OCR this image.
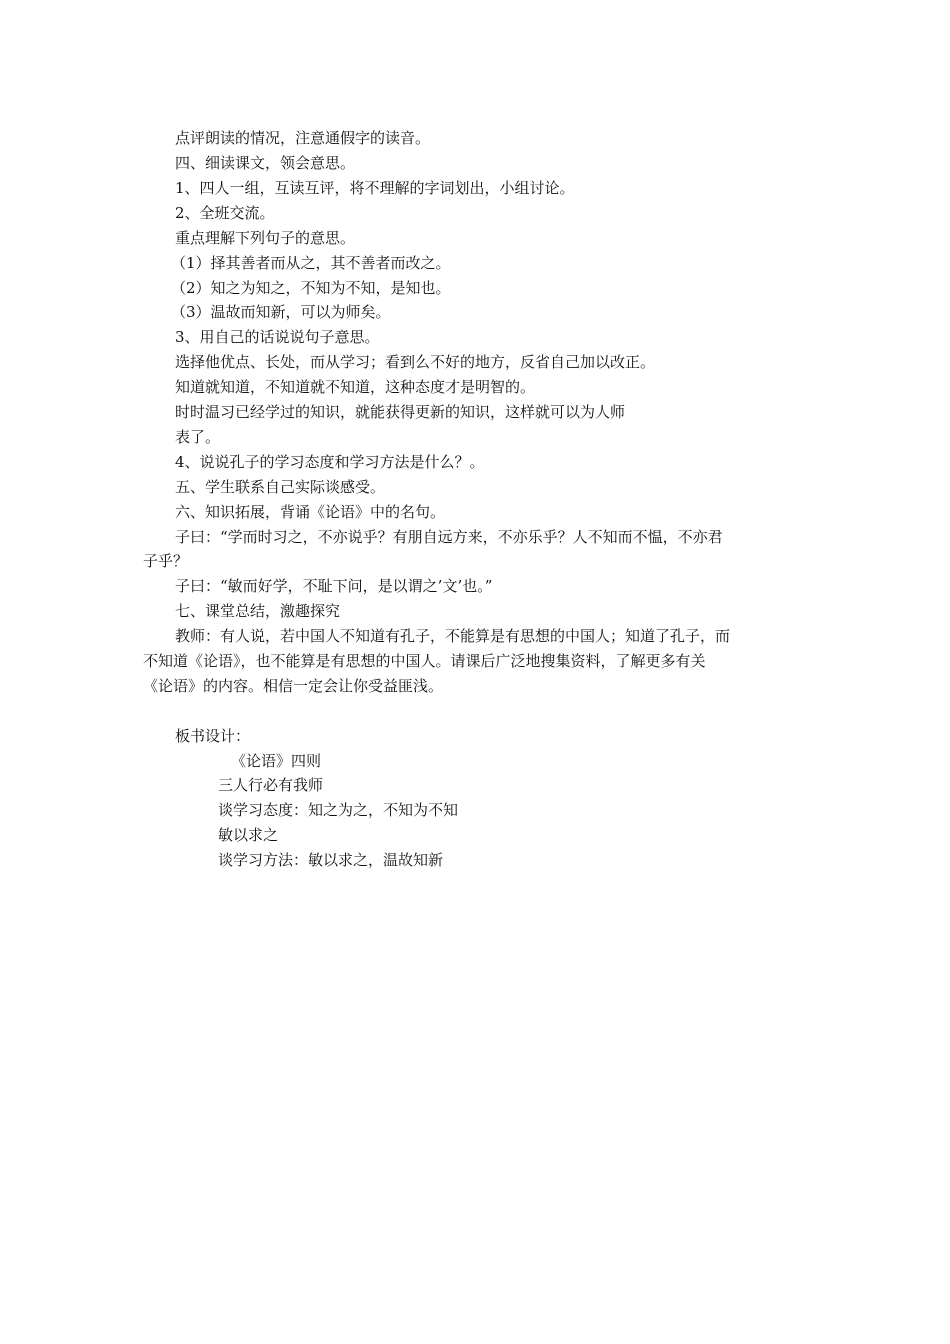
点评朗读的情况，注意通假字的读音。
四、细读课文，领会意思。
1、四人一组，互读互评，将不理解的字词划出，小组讨论。
2、全班交流。
重点理解下列句子的意思。
（1）择其善者而从之，其不善者而改之。
（2）知之为知之，不知为不知，是知也。
（3）温故而知新，可以为师矣。
3、用自己的话说说句子意思。
选择他优点、长处，而从学习；看到么不好的地方，反省自己加以改正。
知道就知道，不知道就不知道，这种态度才是明智的。
时时温习已经学过的知识，就能获得更新的知识，这样就可以为人师
表了。
4、说说孔子的学习态度和学习方法是什么？。
五、学生联系自己实际谈感受。
六、知识拓展，背诵《论语》中的名句。
子曰：“学而时习之，不亦说乎？有朋自远方来，不亦乐乎？人不知而不愠，不亦君
子乎？
子曰：“敏而好学，不耻下问，是以谓之’文’也。”
七、课堂总结，激趣探究
教师：有人说，若中国人不知道有孔子，不能算是有思想的中国人；知道了孔子，而
不知道《论语》，也不能算是有思想的中国人。请课后广泛地搜集资料，了解更多有关
《论语》的内容。相信一定会让你受益匪浅。
板书设计：
《论语》四则
三人行必有我师
谈学习态度：知之为之，不知为不知
敏以求之
谈学习方法：敏以求之，温故知新
